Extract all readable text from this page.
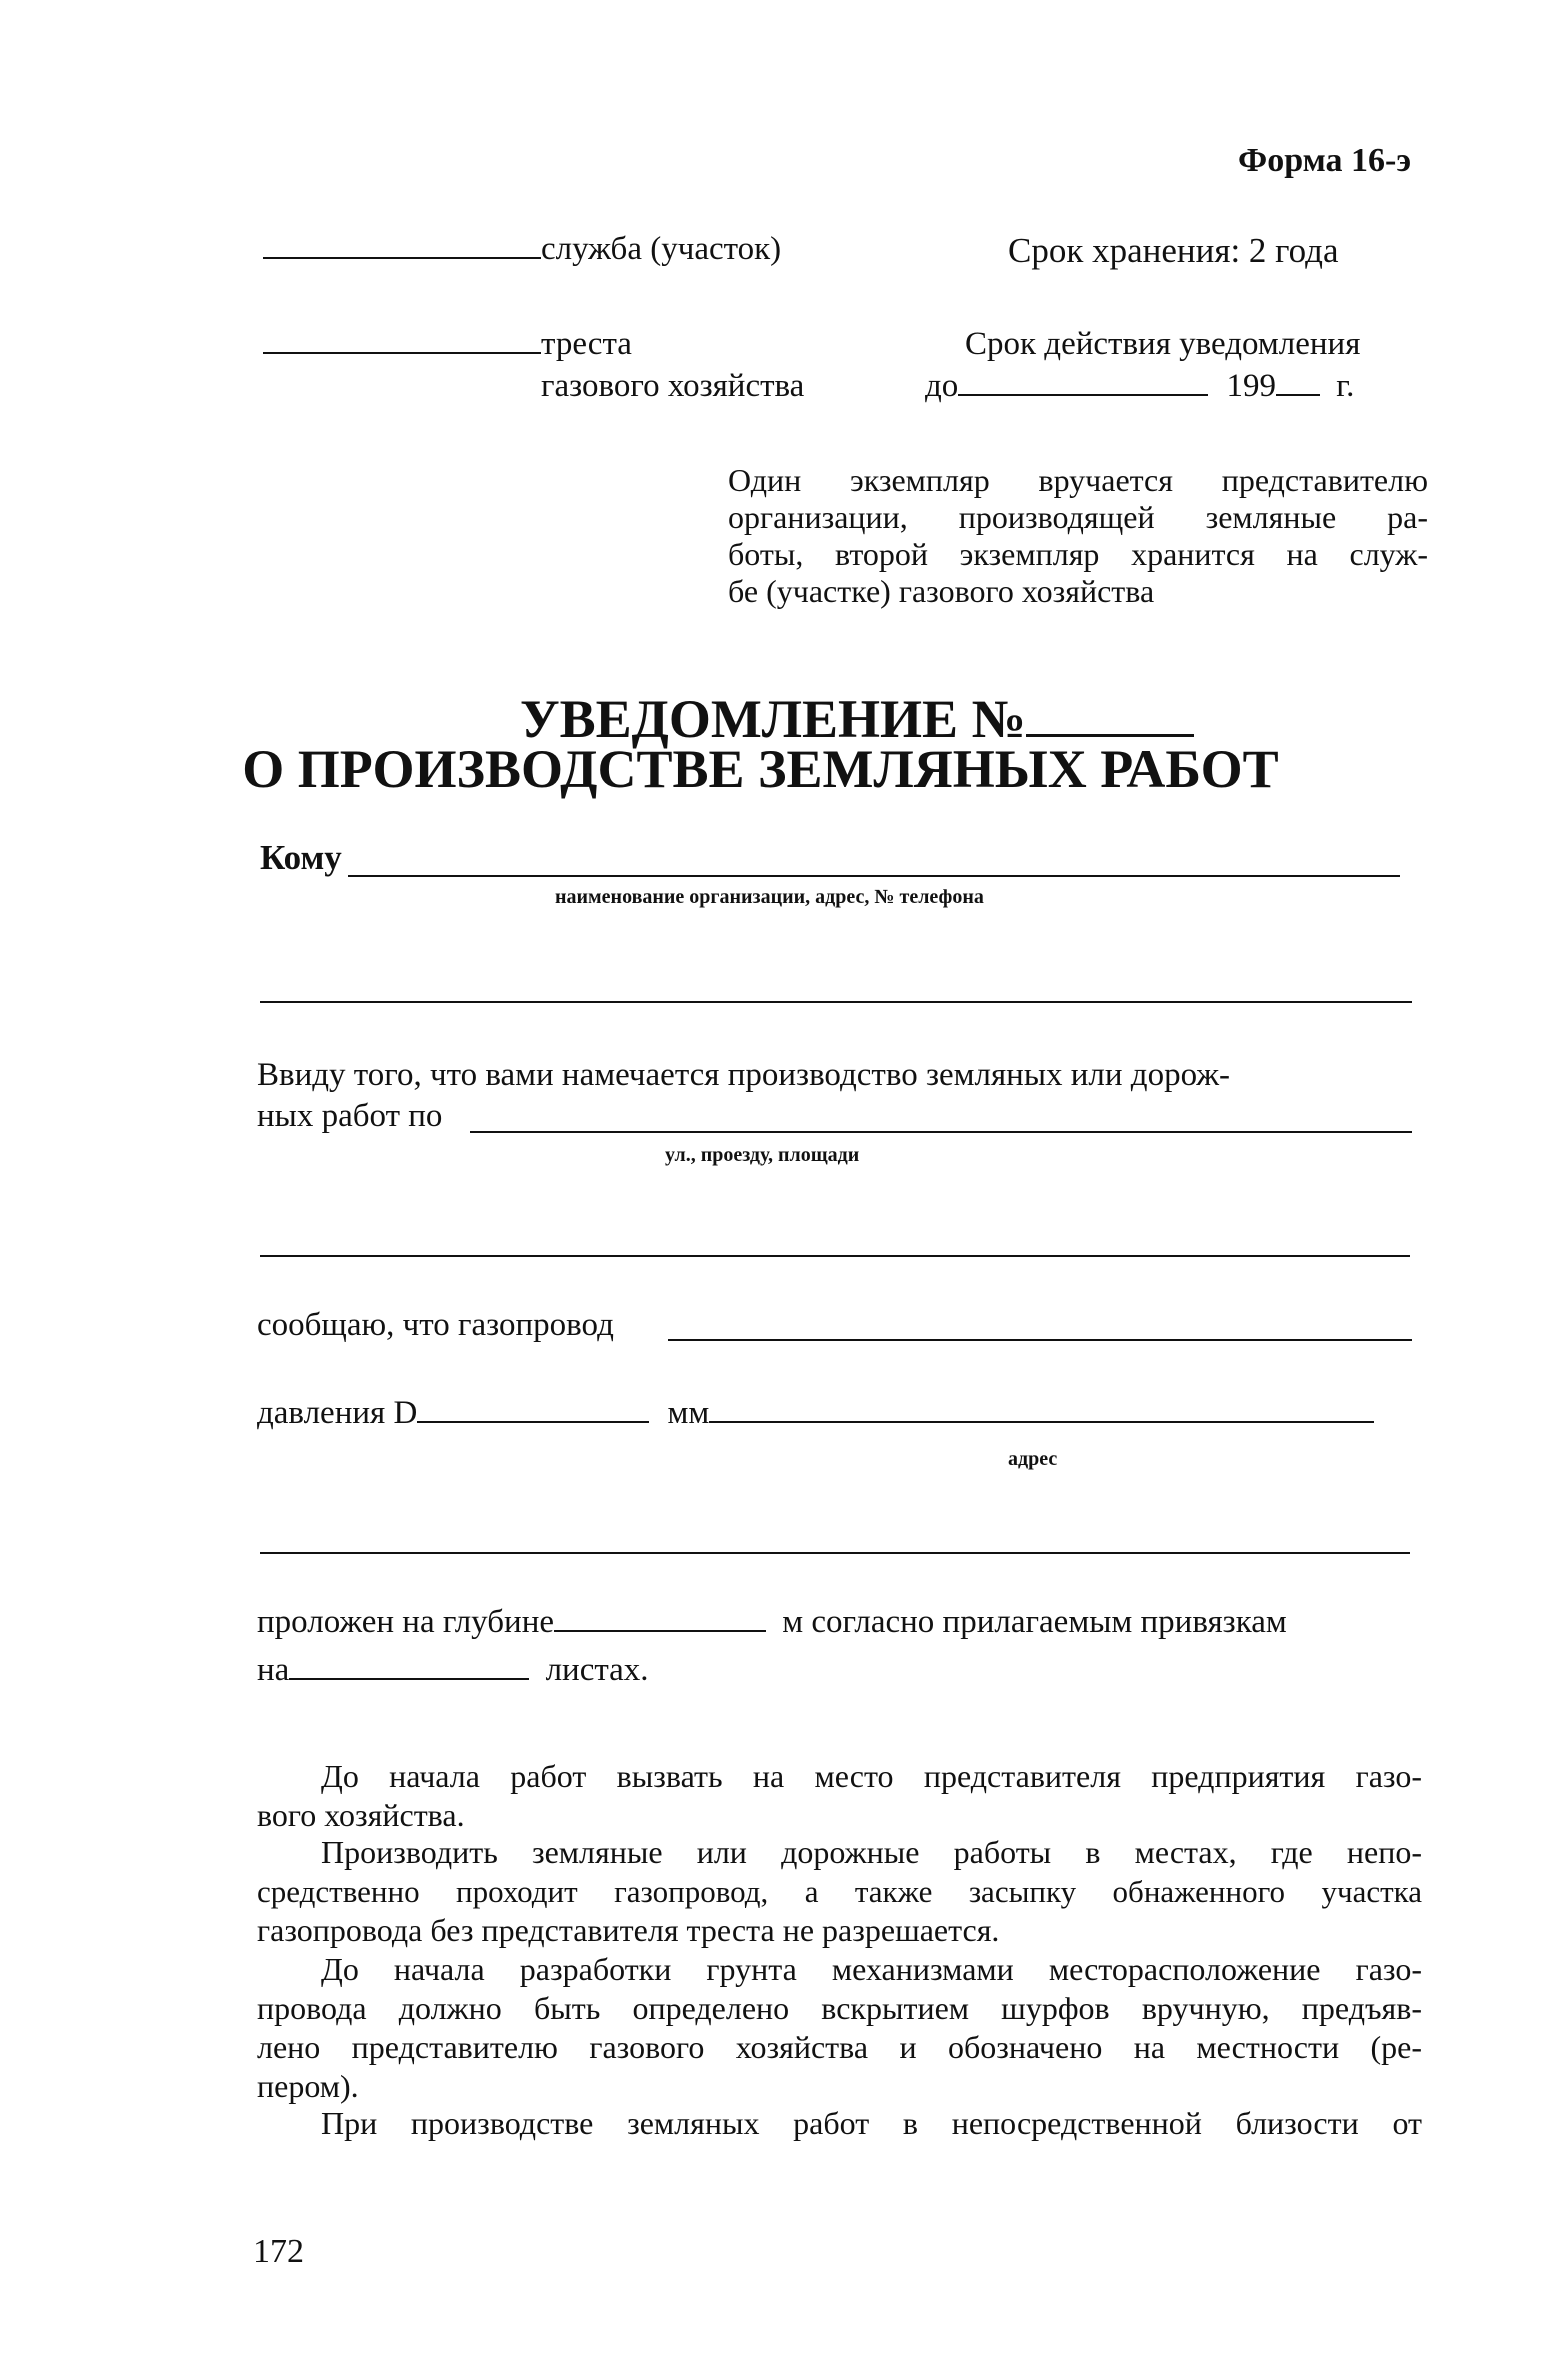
Форма 16-э
служба (участок)
треста
газового хозяйства
Срок хранения: 2 года
Срок действия уведомления
до	199 г.
Один экземпляр вручается представителю
организации, производящей земляные ра-
боты, второй экземпляр хранится на служ-
бе (участке) газового хозяйства
УВЕДОМЛЕНИЕ №
О ПРОИЗВОДСТВЕ ЗЕМЛЯНЫХ РАБОТ
Кому
наименование организации, адрес, № телефона
Ввиду того, что вами намечается производство земляных или дорож-
ных работ по
ул., проезду, площади
сообщаю, что газопровод
давления D	мм
адрес
проложен на глубине	м согласно прилагаемым привязкам
на	листах.
До начала работ вызвать на место представителя предприятия газо-
вого хозяйства.
Производить земляные или дорожные работы в местах, где непо-
средственно проходит газопровод, а также засыпку обнаженного участка
газопровода без представителя треста не разрешается.
До начала разработки грунта механизмами месторасположение газо-
провода должно быть определено вскрытием шурфов вручную, предъяв-
лено представителю газового хозяйства и обозначено на местности (ре-
пером).
При производстве земляных работ в непосредственной близости от
172
